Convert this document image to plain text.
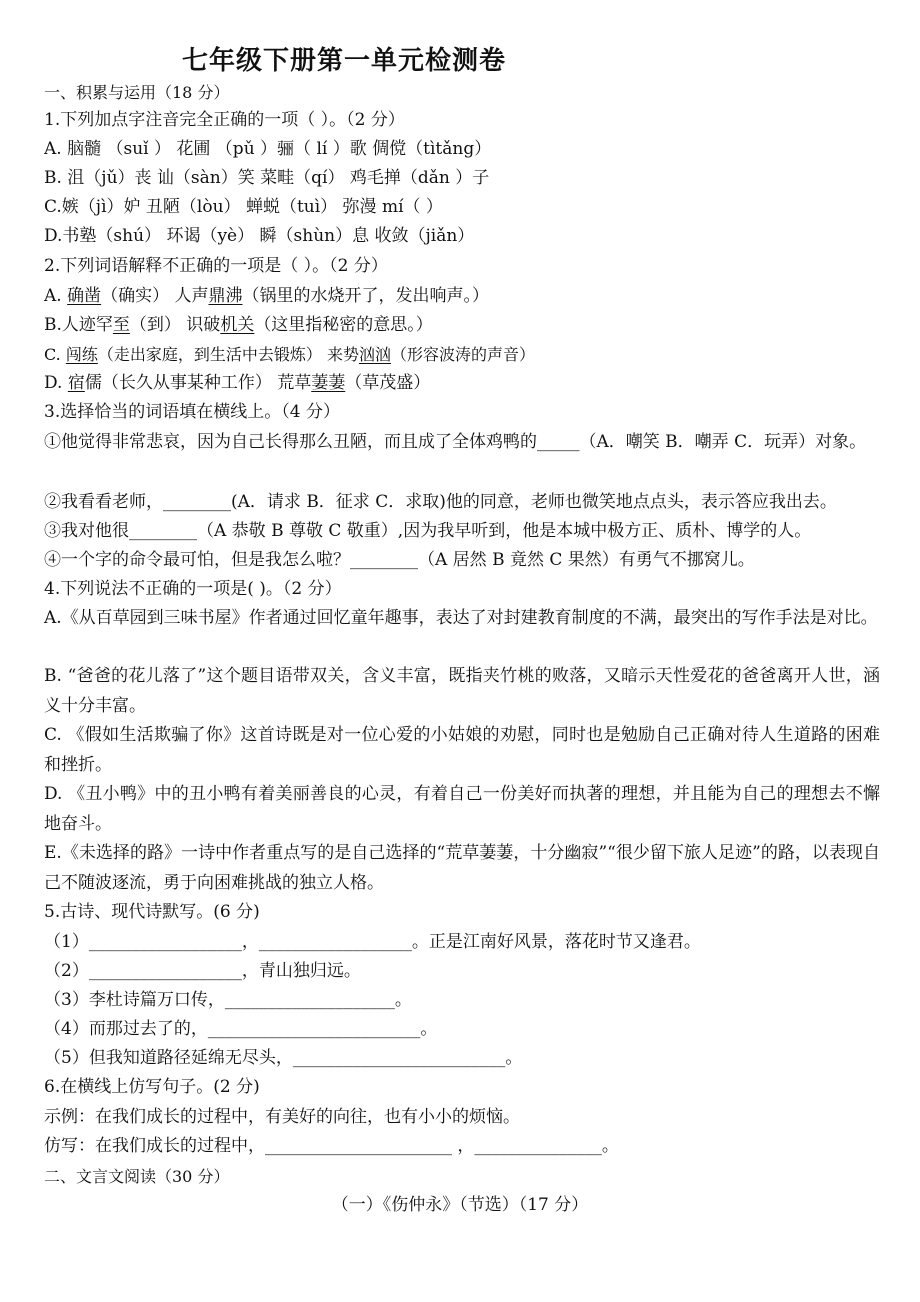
七年级下册第一单元检测卷
一、积累与运用（18 分）
1.下列加点字注音完全正确的一项（ ）。（2 分）
A. 脑髓 （suǐ ） 花圃 （pǔ ）骊（ lí ）歌 倜傥（tìtǎng）
B. 沮（jǔ）丧 讪（sàn）笑 菜畦（qí） 鸡毛掸（dǎn ）子
C.嫉（jì）妒 丑陋（lòu） 蝉蜕（tuì） 弥漫 mí（ ）
D.书塾（shú） 环谒（yè） 瞬（shùn）息 收敛（jiǎn）
2.下列词语解释不正确的一项是（ ）。（2 分）
A. 确凿（确实） 人声鼎沸（锅里的水烧开了，发出响声。）
B.人迹罕至（到） 识破机关（这里指秘密的意思。）
C. 闯练（走出家庭，到生活中去锻炼） 来势汹汹（形容波涛的声音）
D. 宿儒（长久从事某种工作） 荒草萋萋（草茂盛）
3.选择恰当的词语填在横线上。（4 分）
①他觉得非常悲哀，因为自己长得那么丑陋，而且成了全体鸡鸭的_____（A．嘲笑 B．嘲弄 C．玩弄）对象。
②我看看老师，________(A．请求 B．征求 C．求取)他的同意，老师也微笑地点点头，表示答应我出去。
③我对他很________（A 恭敬 B 尊敬 C 敬重）,因为我早听到，他是本城中极方正、质朴、博学的人。
④一个字的命令最可怕，但是我怎么啦？________（A 居然 B 竟然 C 果然）有勇气不挪窝儿。
4.下列说法不正确的一项是( )。（2 分）
A.《从百草园到三味书屋》作者通过回忆童年趣事，表达了对封建教育制度的不满，最突出的写作手法是对比。
B. “爸爸的花儿落了”这个题目语带双关，含义丰富，既指夹竹桃的败落，又暗示天性爱花的爸爸离开人世，涵义十分丰富。
C. 《假如生活欺骗了你》这首诗既是对一位心爱的小姑娘的劝慰，同时也是勉励自己正确对待人生道路的困难和挫折。
D. 《丑小鸭》中的丑小鸭有着美丽善良的心灵，有着自己一份美好而执著的理想，并且能为自己的理想去不懈地奋斗。
E.《未选择的路》一诗中作者重点写的是自己选择的“荒草萋萋，十分幽寂”“很少留下旅人足迹”的路，以表现自己不随波逐流，勇于向困难挑战的独立人格。
5.古诗、现代诗默写。(6 分)
（1）__________________，__________________。正是江南好风景，落花时节又逢君。
（2）__________________，青山独归远。
（3）李杜诗篇万口传，____________________。
（4）而那过去了的，_________________________。
（5）但我知道路径延绵无尽头，_________________________。
6.在横线上仿写句子。(2 分)
示例：在我们成长的过程中，有美好的向往，也有小小的烦恼。
仿写：在我们成长的过程中，______________________ ，_______________。
二、文言文阅读（30 分）
（一）《伤仲永》（节选）（17 分）
